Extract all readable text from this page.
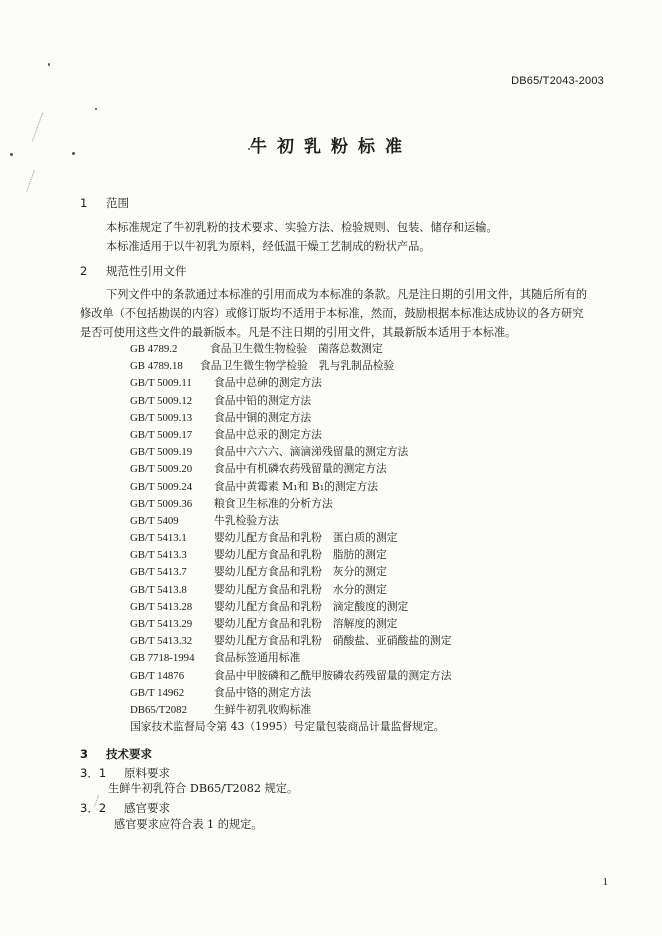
DB65/T2043-2003
牛初乳粉标准
1 范围

本标准规定了牛初乳粉的技术要求、实验方法、检验规则、包装、储存和运输。

本标准适用于以牛初乳为原料，经低温干燥工艺制成的粉状产品。

2 规范性引用文件

下列文件中的条款通过本标准的引用而成为本标准的条款。凡是注日期的引用文件，其随后所有的

修改单（不包括勘误的内容）或修订版均不适用于本标准，然而，鼓励根据本标准达成协议的各方研究

是否可使用这些文件的最新版本。凡是不注日期的引用文件，其最新版本适用于本标准。

GB 4789.2	食品卫生微生物检验　菌落总数测定
GB 4789.18 食品卫生微生物学检验　乳与乳制品检验
GB/T 5009.11 食品中总砷的测定方法
GB/T 5009.12 食品中铅的测定方法
GB/T 5009.13 食品中铜的测定方法
GB/T 5009.17 食品中总汞的测定方法
GB/T 5009.19 食品中六六六、滴滴涕残留量的测定方法
GB/T 5009.20 食品中有机磷农药残留量的测定方法
GB/T 5009.24 食品中黄霉素 M₁和 B₁的测定方法
GB/T 5009.36 粮食卫生标准的分析方法
GB/T 5409	牛乳检验方法
GB/T 5413.1	婴幼儿配方食品和乳粉　蛋白质的测定
GB/T 5413.3	婴幼儿配方食品和乳粉　脂肪的测定
GB/T 5413.7	婴幼儿配方食品和乳粉　灰分的测定
GB/T 5413.8	婴幼儿配方食品和乳粉　水分的测定
GB/T 5413.28 婴幼儿配方食品和乳粉　滴定酸度的测定
GB/T 5413.29 婴幼儿配方食品和乳粉　溶解度的测定
GB/T 5413.32 婴幼儿配方食品和乳粉　硝酸盐、亚硝酸盐的测定
GB 7718-1994 食品标签通用标准
GB/T 14876	食品中甲胺磷和乙酰甲胺磷农药残留量的测定方法
GB/T 14962	食品中铬的测定方法
DB65/T2082	生鲜牛初乳收购标准
国家技术监督局令第 43（1995）号定量包装商品计量监督规定。
3 技术要求
3．1 原料要求

生鲜牛初乳符合 DB65/T2082 规定。

3．2 感官要求

感官要求应符合表 1 的规定。

1
